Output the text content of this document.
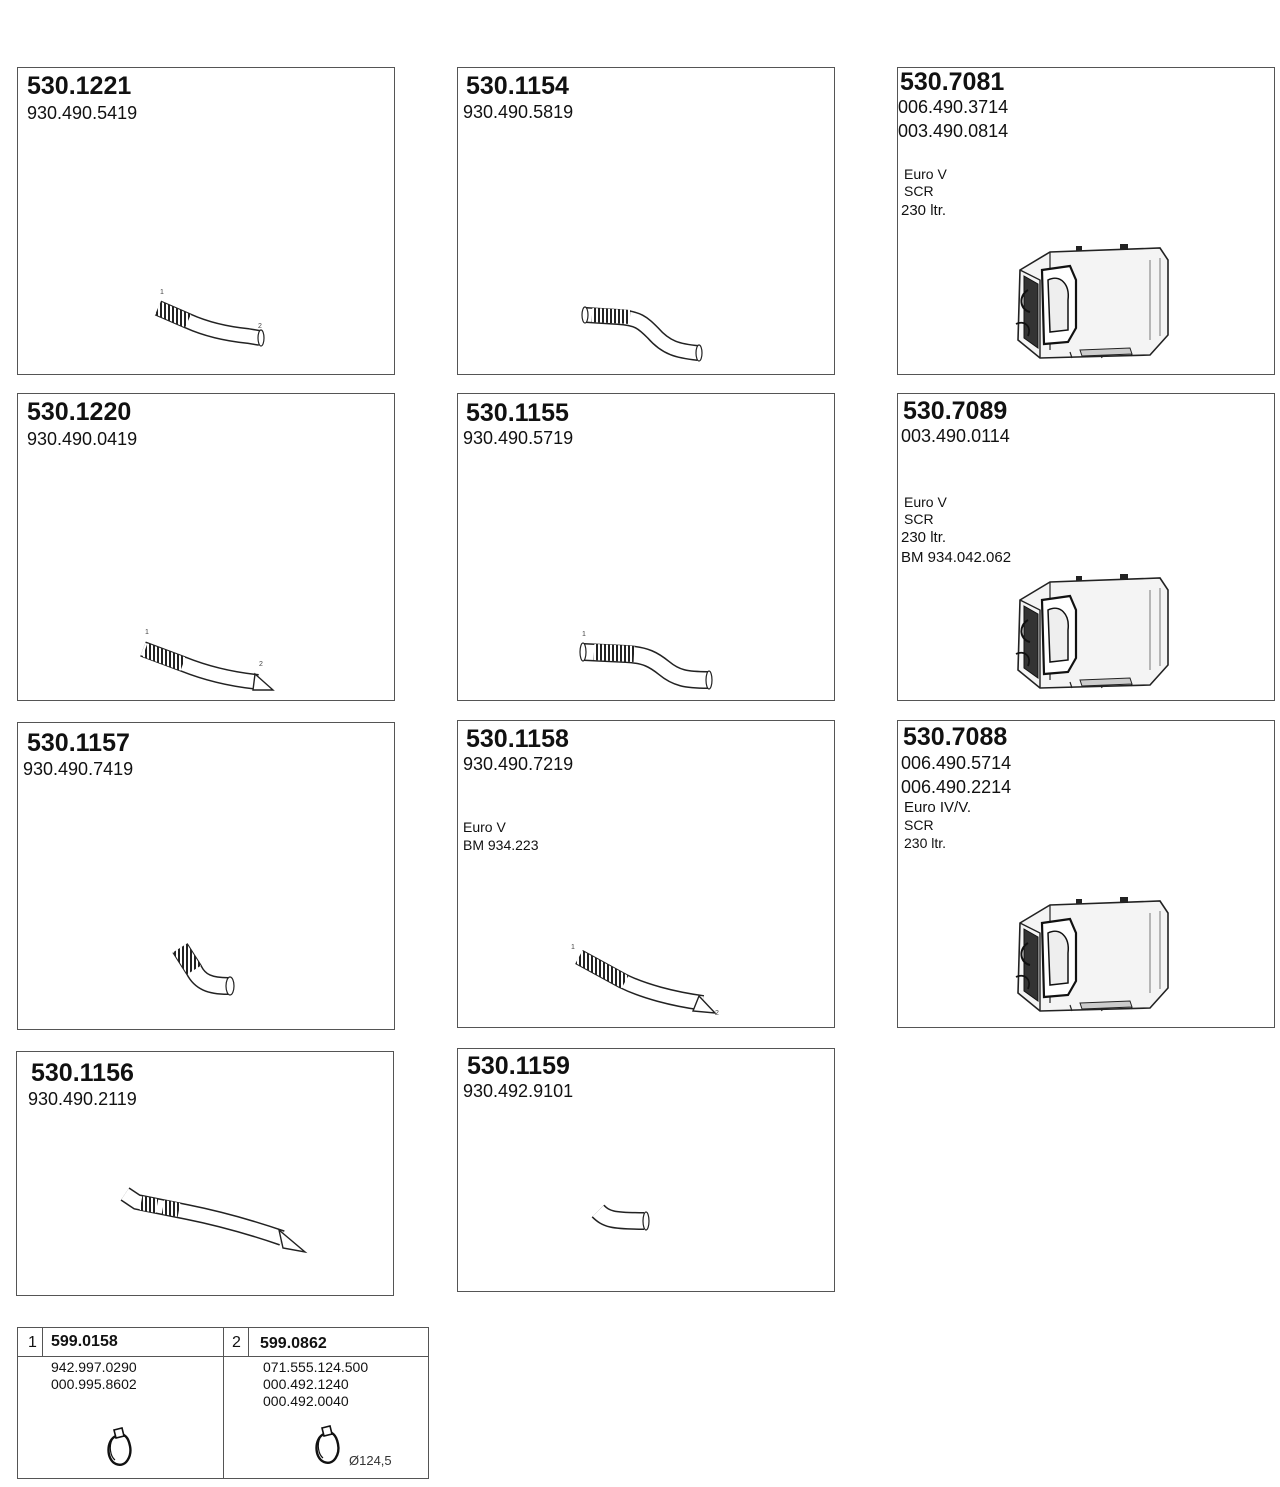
530.1221
930.490.5419
1
2
530.1154
930.490.5819
530.7081
006.490.3714
003.490.0814
Euro V
SCR
230 ltr.
530.1220
930.490.0419
1
2
530.1155
930.490.5719
1
530.7089
003.490.0114
Euro V
SCR
230 ltr.
BM 934.042.062
530.1157
930.490.7419
530.1158
930.490.7219
Euro V
BM 934.223
1
2
530.7088
006.490.5714
006.490.2214
Euro IV/V.
SCR
230 ltr.
530.1156
930.490.2119
530.1159
930.492.9101
1 599.0158
942.997.0290
000.995.8602
2 599.0862
071.555.124.500
000.492.1240
000.492.0040
Ø124,5
